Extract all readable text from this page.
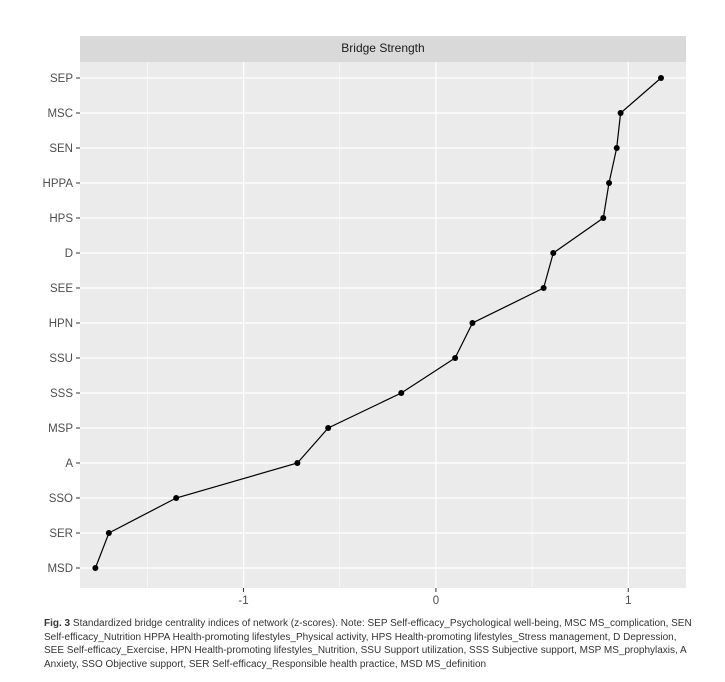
Bridge Strength
MSD
SER
SSO
A
MSP
SSS
SSU
HPN
SEE
D
HPS
HPPA
SEN
MSC
SEP
-1	0	1
Fig. 3 Standardized bridge centrality indices of network (z-scores). Note: SEP Self-efficacy_Psychological well-being, MSC MS_complication, SEN Self-efficacy_Nutrition HPPA Health-promoting lifestyles_Physical activity, HPS Health-promoting lifestyles_Stress management, D Depression, SEE Self-efficacy_Exercise, HPN Health-promoting lifestyles_Nutrition, SSU Support utilization, SSS Subjective support, MSP MS_prophylaxis, A Anxiety, SSO Objective support, SER Self-efficacy_Responsible health practice, MSD MS_definition
